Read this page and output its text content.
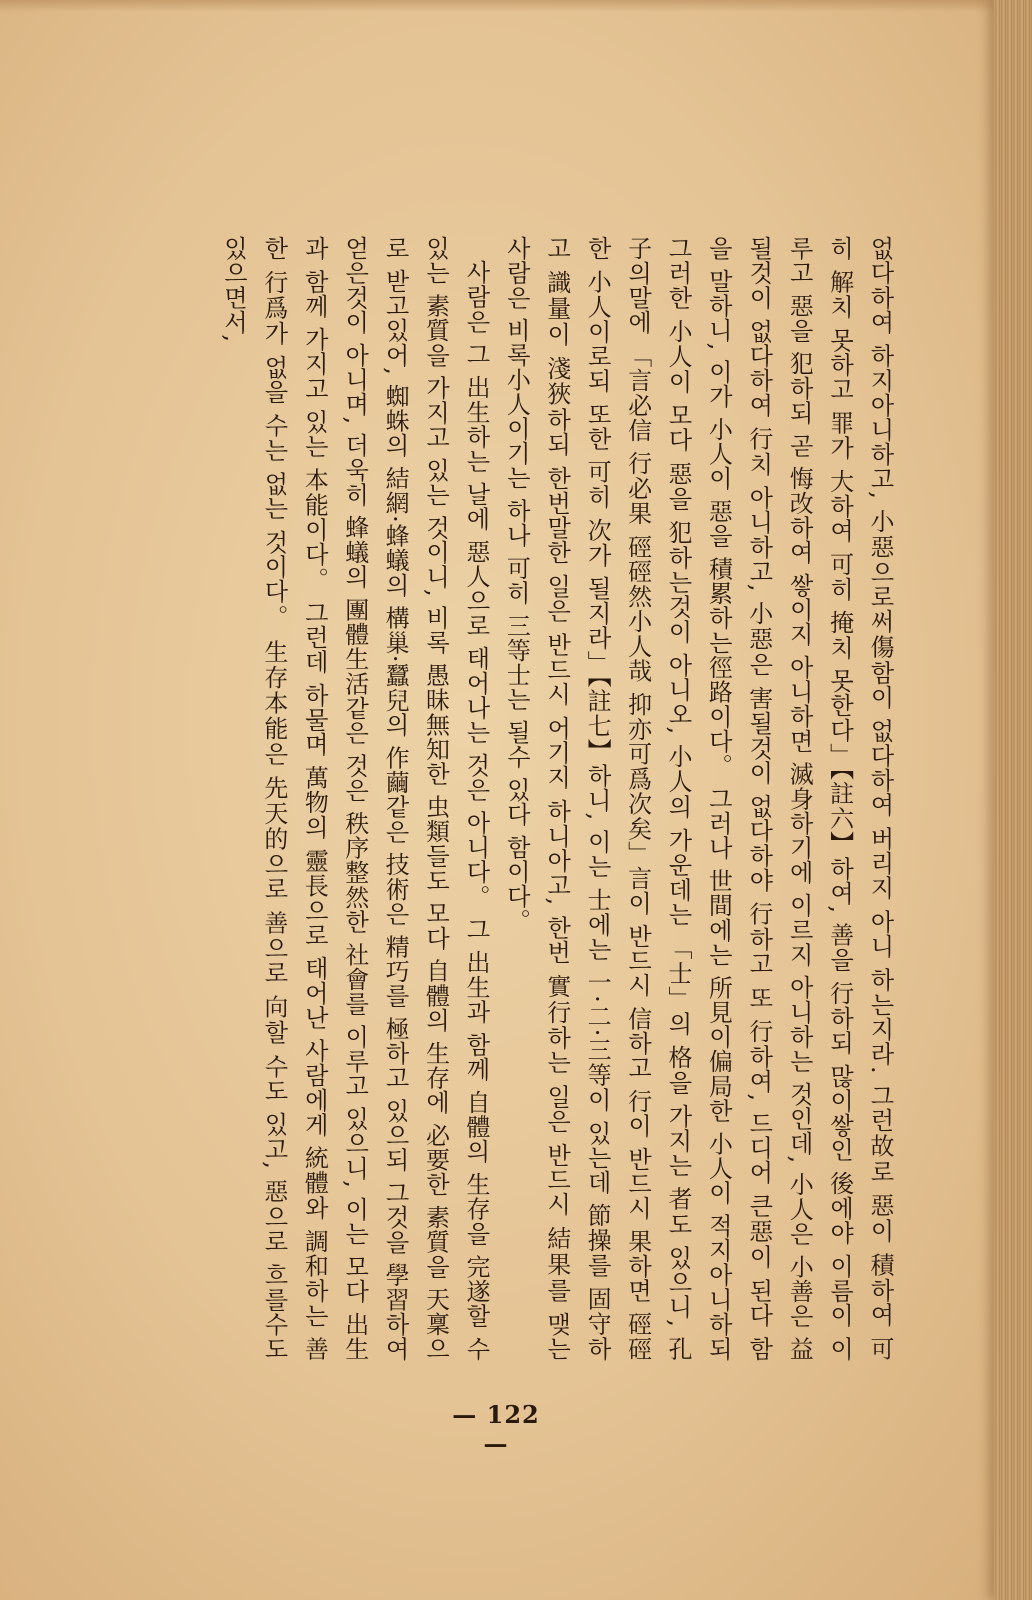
없다하여 하지아니하고, 小惡으로써傷함이 없다하여 버리지 아니 하는지라. 그런故로 惡이 積하여 可히 解치 못하고 罪가 大하여 可히 掩치 못한다」【註六】하여, 善을 行하되 많이쌓인 後에야 이름이 이루고 惡을 犯하되 곧 悔改하여 쌓이지 아니하면 滅身하기에 이르지 아니하는 것인데, 小人은 小善은 益될것이 없다하여 行치 아니하고, 小惡은 害될것이 없다하야 行하고 또 行하여, 드디어 큰惡이 된다 함을 말하니, 이가 小人이 惡을 積累하는徑路이다。 그러나 世間에는 所見이偏局한 小人이 적지아니하되 그러한 小人이 모다 惡을 犯하는것이 아니오, 小人의 가운데는 「士」의 格을 가지는 者도 있으니, 孔子의말에 「言必信 行必果 硜硜然小人哉 抑亦可爲次矣」言이 반드시 信하고 行이 반드시 果하면 硜硜한 小人이로되 또한 可히 次가 될지라」【註七】하니, 이는 士에는 一·二·三等이 있는데 節操를 固守하고 識量이 淺狹하되 한번말한 일은 반드시 어기지 하니아고, 한번 實行하는 일은 반드시 結果를 맺는 사람은 비록小人이기는 하나 可히 三等士는 될수 있다 함이다。

사람은 그 出生하는 날에 惡人으로 태어나는 것은 아니다。 그 出生과 함께 自體의 生存을 完遂할 수 있는 素質을 가지고 있는 것이니, 비록 愚昧無知한 虫類들도 모다 自體의 生存에 必要한 素質을 天稟으로 받고있어, 蜘蛛의 結網·蜂蟻의 構巢·蠶兒의 作繭같은 技術은 精巧를 極하고 있으되 그것을 學習하여 얻은것이 아니며, 더욱히 蜂蟻의 團體生活같은 것은 秩序整然한 社會를 이루고 있으니, 이는 모다 出生과 함께 가지고 있는 本能이다。 그런데 하물며 萬物의 靈長으로 태어난 사람에게 統體와 調和하는 善한 行爲가 없을 수는 없는 것이다。 生存本能은 先天的으로 善으로 向할 수도 있고, 惡으로 흐를수도 있으면서,

— 122 —
